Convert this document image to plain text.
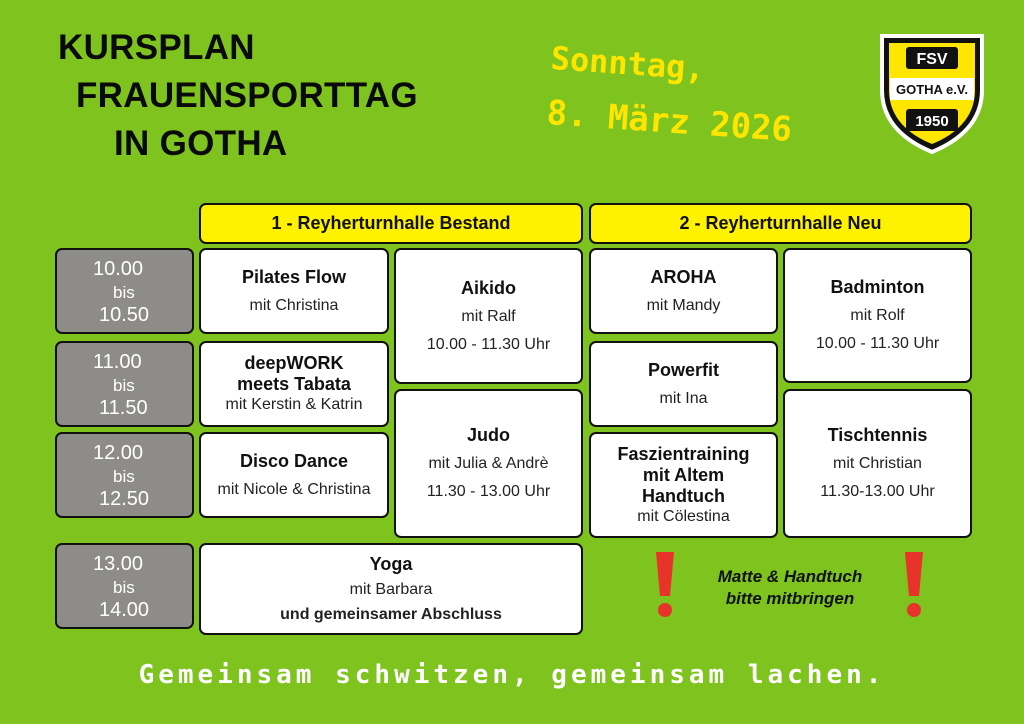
KURSPLAN
FRAUENSPORTTAG
IN GOTHA
Sonntag,
8. März 2026
FSV
GOTHA e.V.
1950
1 - Reyherturnhalle Bestand	2 - Reyherturnhalle Neu
10.00
bis
10.50
11.00
bis
11.50
12.00
bis
12.50
13.00
bis
14.00
Pilates Flow
mit Christina
Aikido
mit Ralf
10.00 - 11.30 Uhr
AROHA
mit Mandy
Badminton
mit Rolf
10.00 - 11.30 Uhr
deepWORK
meets Tabata
mit Kerstin & Katrin
Powerfit
mit Ina
Judo
mit Julia & Andrè
11.30 - 13.00 Uhr
Tischtennis
mit Christian
11.30-13.00 Uhr
Disco Dance
mit Nicole & Christina
Faszientraining
mit Altem
Handtuch
mit Cölestina
Yoga
mit Barbara
und gemeinsamer Abschluss
Matte & Handtuch
bitte mitbringen
Gemeinsam schwitzen, gemeinsam lachen.
